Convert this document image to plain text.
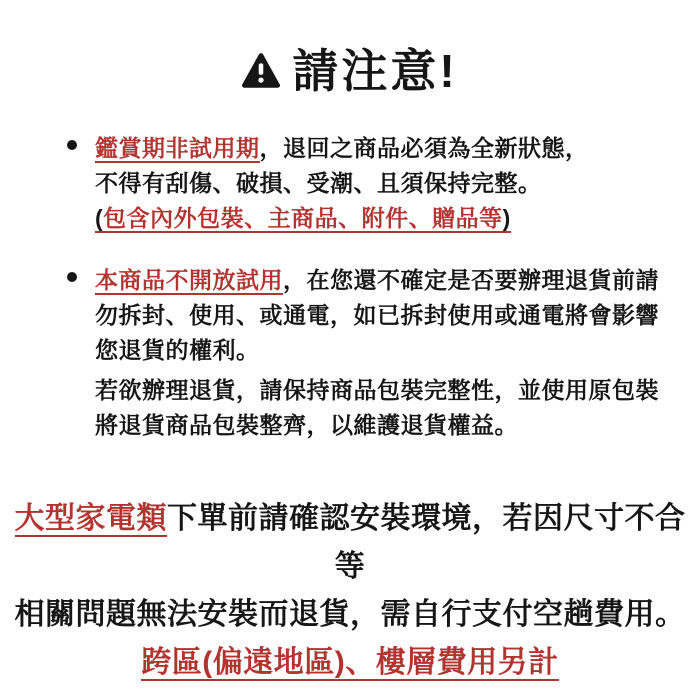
請注意!
鑑賞期非試用期，退回之商品必須為全新狀態，
不得有刮傷、破損、受潮、且須保持完整。
(包含內外包裝、主商品、附件、贈品等)
本商品不開放試用，在您還不確定是否要辦理退貨前請
勿拆封、使用、或通電，如已拆封使用或通電將會影響
您退貨的權利。
若欲辦理退貨，請保持商品包裝完整性，並使用原包裝
將退貨商品包裝整齊，以維護退貨權益。
大型家電類下單前請確認安裝環境，若因尺寸不合等
相關問題無法安裝而退貨，需自行支付空趟費用。
跨區(偏遠地區)、樓層費用另計
